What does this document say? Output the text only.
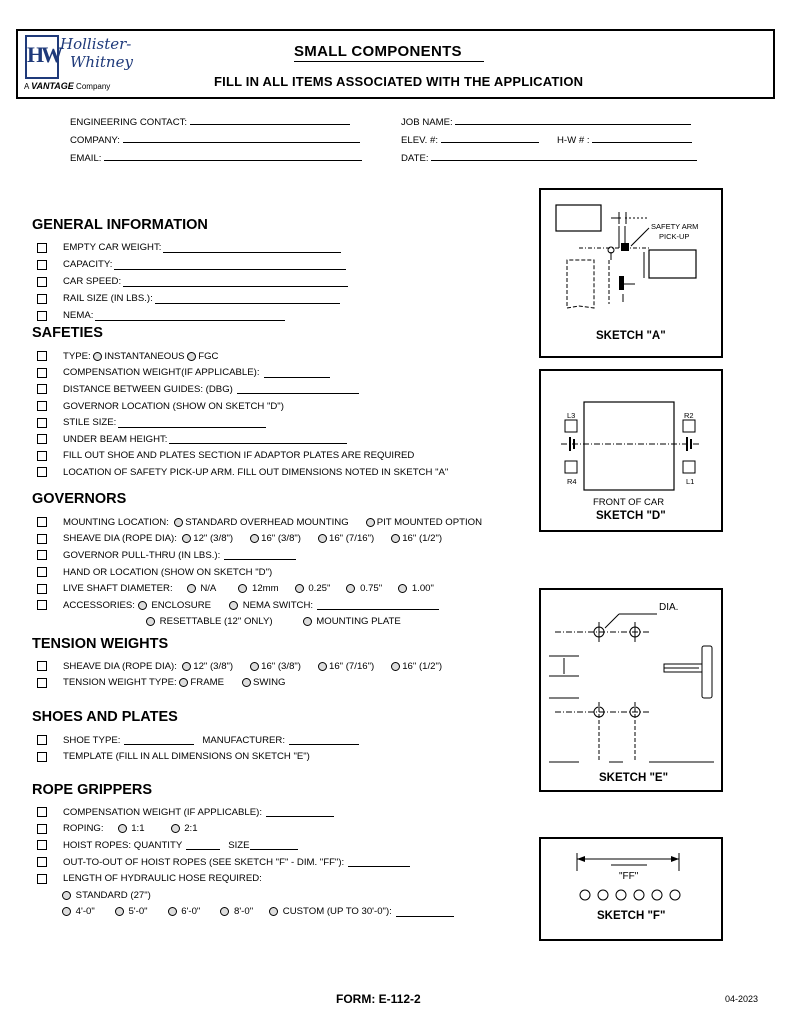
HW Hollister-
Whitney
A VANTAGE Company
SMALL COMPONENTS
FILL IN ALL ITEMS ASSOCIATED WITH THE APPLICATION
ENGINEERING CONTACT:
COMPANY:
EMAIL:
JOB NAME:
ELEV. #:	H-W # :
DATE:
GENERAL INFORMATION
EMPTY CAR WEIGHT:
CAPACITY:
CAR SPEED:
RAIL SIZE (IN LBS.):
NEMA:
SAFETIES
TYPE:
INSTANTANEOUS
FGC
COMPENSATION WEIGHT(IF APPLICABLE):
DISTANCE BETWEEN GUIDES: (DBG)
GOVERNOR LOCATION (SHOW ON SKETCH "D")
STILE SIZE:
UNDER BEAM HEIGHT:
FILL OUT SHOE AND PLATES SECTION IF ADAPTOR PLATES ARE REQUIRED
LOCATION OF SAFETY PICK-UP ARM. FILL OUT DIMENSIONS NOTED IN SKETCH "A"
GOVERNORS
MOUNTING LOCATION:
STANDARD OVERHEAD MOUNTING	PIT MOUNTED OPTION
SHEAVE DIA (ROPE DIA):
12" (3/8")	16" (3/8")	16" (7/16")	16" (1/2")
GOVERNOR PULL-THRU (IN LBS.):
HAND OR LOCATION (SHOW ON SKETCH "D")
LIVE SHAFT DIAMETER:
	N/A
	12mm
	0.25"
	0.75"
	1.00"
ACCESSORIES:

ENCLOSURE
	NEMA SWITCH:

RESETTABLE (12" ONLY)
	MOUNTING PLATE
TENSION WEIGHTS
SHEAVE DIA (ROPE DIA):
12" (3/8")	16" (3/8")	16" (7/16")	16" (1/2")
TENSION WEIGHT TYPE:
FRAME	SWING
SHOES AND PLATES
SHOE TYPE:
	MANUFACTURER:
TEMPLATE (FILL IN ALL DIMENSIONS ON SKETCH "E")
ROPE GRIPPERS
COMPENSATION WEIGHT (IF APPLICABLE):
ROPING:
	1:1
	2:1
HOIST ROPES: QUANTITY
	SIZE
OUT-TO-OUT OF HOIST ROPES (SEE SKETCH "F" - DIM. "FF"):
LENGTH OF HYDRAULIC HOSE REQUIRED:

STANDARD (27")

4'-0"
	5'-0"
	6'-0"
	8'-0"
	CUSTOM (UP TO 30'-0"):
SAFETY ARM
PICK-UP
SKETCH "A"
L3	R2
R4	L1
FRONT OF CAR
SKETCH "D"
DIA.
SKETCH "E"
"FF"
SKETCH "F"
FORM: E-112-2	04-2023
